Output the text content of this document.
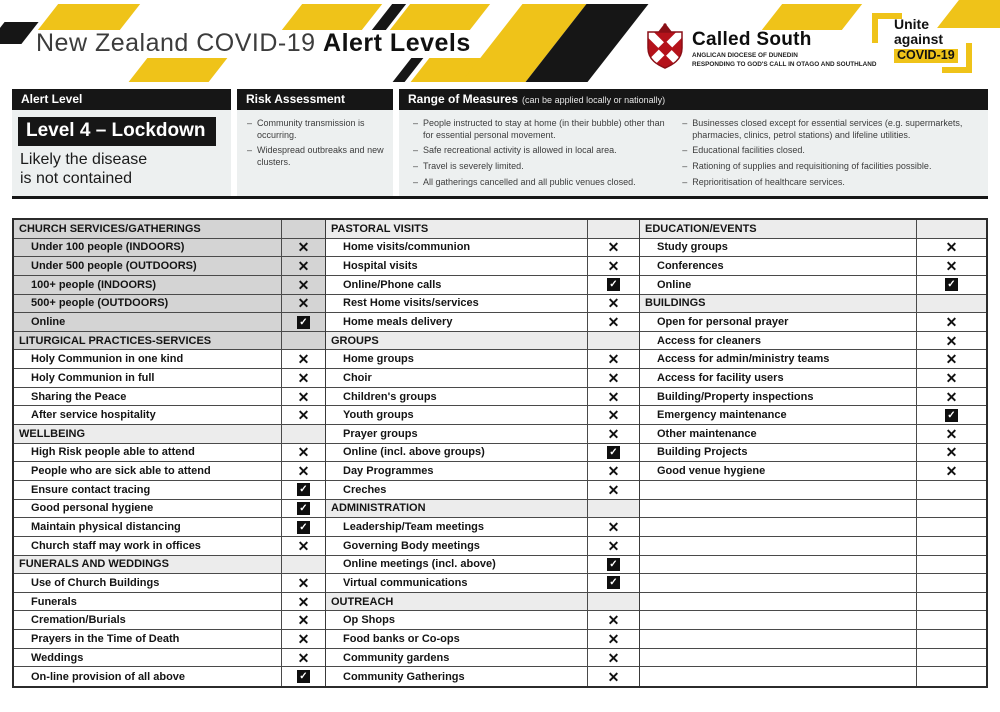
New Zealand COVID-19 Alert Levels	Called South
ANGLICAN DIOCESE OF DUNEDIN
RESPONDING TO GOD'S CALL IN OTAGO AND SOUTHLAND
Unite
against
COVID-19
Alert Level	Risk Assessment	Range of Measures (can be applied locally or nationally)
Level 4 – Lockdown
Likely the disease
is not contained
– Community transmission is occurring.
– Widespread outbreaks and new clusters.
– People instructed to stay at home (in their bubble) other than for essential personal movement.
– Safe recreational activity is allowed in local area.
– Travel is severely limited.
– All gatherings cancelled and all public venues closed.
– Businesses closed except for essential services (e.g. supermarkets, pharmacies, clinics, petrol stations) and lifeline utilities.
– Educational facilities closed.
– Rationing of supplies and requisitioning of facilities possible.
– Reprioritisation of healthcare services.
CHURCH SERVICES/GATHERINGS
Under 100 people (INDOORS)	✕
Under 500 people (OUTDOORS)	✕
100+ people (INDOORS)	✕
500+ people (OUTDOORS)	✕
Online	✓
LITURGICAL PRACTICES-SERVICES
Holy Communion in one kind	✕
Holy Communion in full	✕
Sharing the Peace	✕
After service hospitality	✕
WELLBEING
High Risk people able to attend	✕
People who are sick able to attend	✕
Ensure contact tracing	✓
Good personal hygiene	✓
Maintain physical distancing	✓
Church staff may work in offices	✕
FUNERALS AND WEDDINGS
Use of Church Buildings	✕
Funerals	✕
Cremation/Burials	✕
Prayers in the Time of Death	✕
Weddings	✕
On-line provision of all above	✓
PASTORAL VISITS
Home visits/communion	✕
Hospital visits	✕
Online/Phone calls	✓
Rest Home visits/services	✕
Home meals delivery	✕
GROUPS
Home groups	✕
Choir	✕
Children's groups	✕
Youth groups	✕
Prayer groups	✕
Online (incl. above groups)	✓
Day Programmes	✕
Creches	✕
ADMINISTRATION
Leadership/Team meetings	✕
Governing Body meetings	✕
Online meetings (incl. above)	✓
Virtual communications	✓
OUTREACH
Op Shops	✕
Food banks or Co-ops	✕
Community gardens	✕
Community Gatherings	✕
EDUCATION/EVENTS
Study groups	✕
Conferences	✕
Online	✓
BUILDINGS
Open for personal prayer	✕
Access for cleaners	✕
Access for admin/ministry teams	✕
Access for facility users	✕
Building/Property inspections	✕
Emergency maintenance	✓
Other maintenance	✕
Building Projects	✕
Good venue hygiene	✕
